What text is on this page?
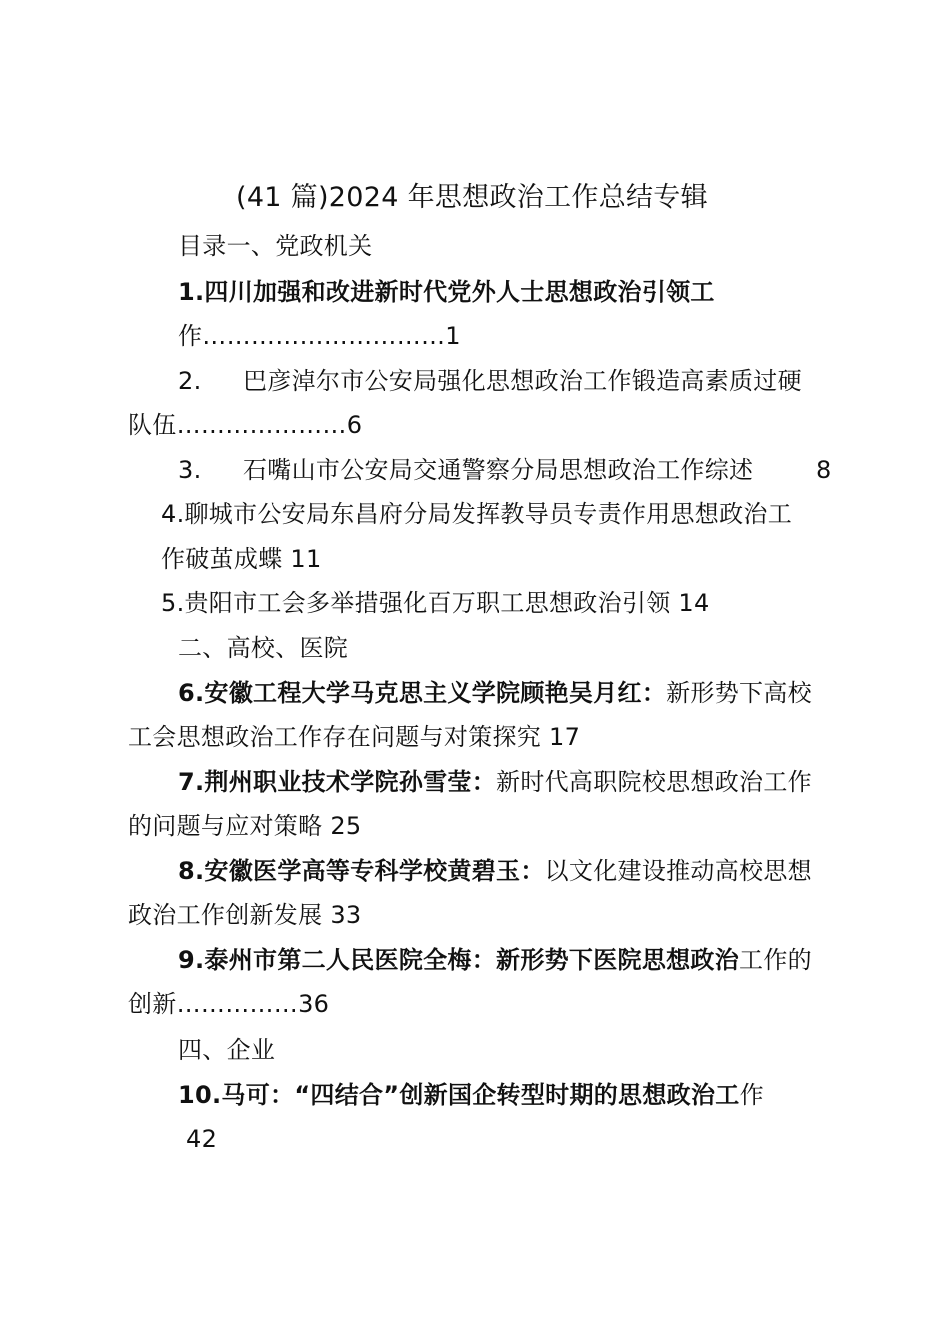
(41 篇)2024 年思想政治工作总结专辑
目录一、党政机关
1.四川加强和改进新时代党外人士思想政治引领工
作…………………………1
2. 巴彦淖尔市公安局强化思想政治工作锻造高素质过硬
队伍…………………6
3. 石嘴山市公安局交通警察分局思想政治工作综述	8
4.聊城市公安局东昌府分局发挥教导员专责作用思想政治工
作破茧成蝶 11
5.贵阳市工会多举措强化百万职工思想政治引领 14
二、高校、医院
6.安徽工程大学马克思主义学院顾艳吴月红：新形势下高校
工会思想政治工作存在问题与对策探究 17
7.荆州职业技术学院孙雪莹：新时代高职院校思想政治工作
的问题与应对策略 25
8.安徽医学高等专科学校黄碧玉：以文化建设推动高校思想
政治工作创新发展 33
9.泰州市第二人民医院全梅：新形势下医院思想政治工作的
创新……………36
四、企业
10.马可：“四结合”创新国企转型时期的思想政治工作
42
